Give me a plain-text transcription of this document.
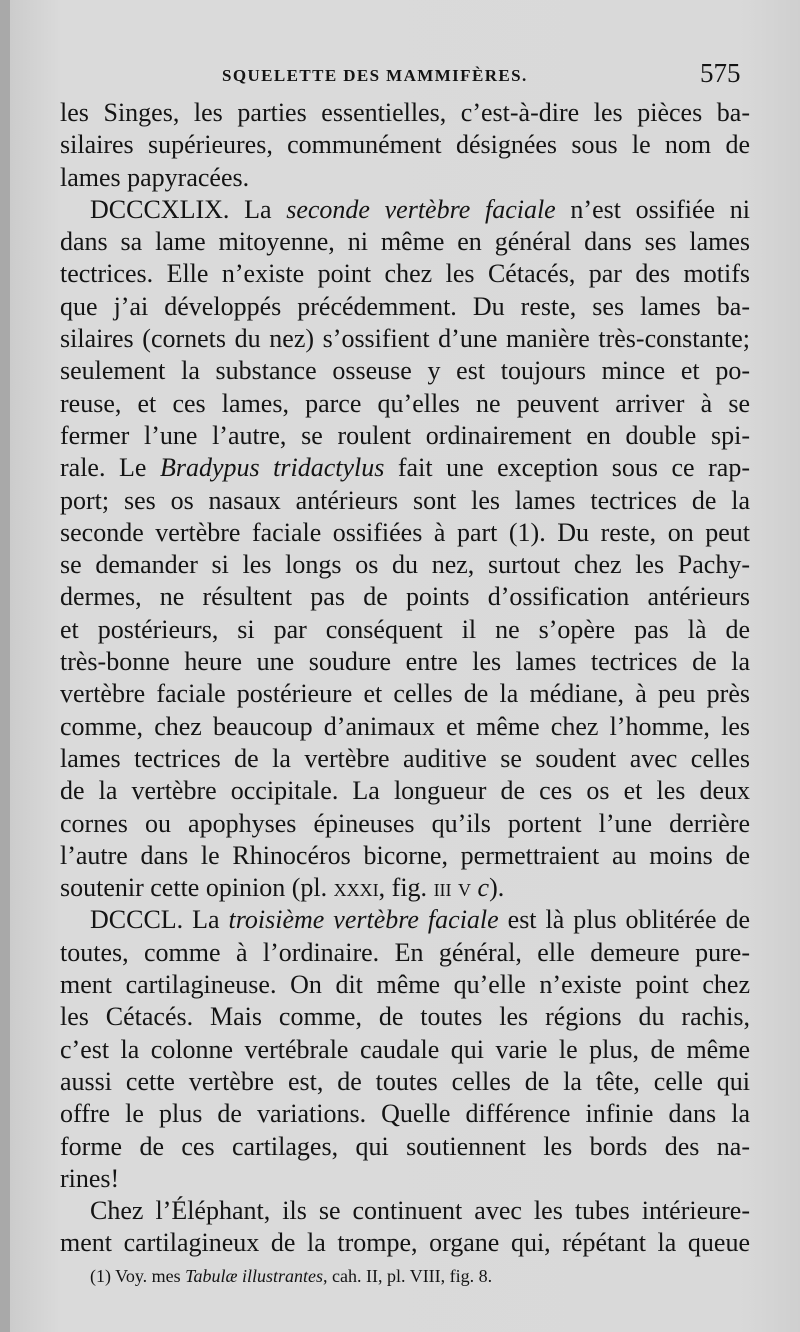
SQUELETTE DES MAMMIFÈRES.	575
les Singes, les parties essentielles, c’est-à-dire les pièces ba-
silaires supérieures, communément désignées sous le nom de
lames papyracées.
DCCCXLIX. La seconde vertèbre faciale n’est ossifiée ni
dans sa lame mitoyenne, ni même en général dans ses lames
tectrices. Elle n’existe point chez les Cétacés, par des motifs
que j’ai développés précédemment. Du reste, ses lames ba-
silaires (cornets du nez) s’ossifient d’une manière très-constante;
seulement la substance osseuse y est toujours mince et po-
reuse, et ces lames, parce qu’elles ne peuvent arriver à se
fermer l’une l’autre, se roulent ordinairement en double spi-
rale. Le Bradypus tridactylus fait une exception sous ce rap-
port; ses os nasaux antérieurs sont les lames tectrices de la
seconde vertèbre faciale ossifiées à part (1). Du reste, on peut
se demander si les longs os du nez, surtout chez les Pachy-
dermes, ne résultent pas de points d’ossification antérieurs
et postérieurs, si par conséquent il ne s’opère pas là de
très-bonne heure une soudure entre les lames tectrices de la
vertèbre faciale postérieure et celles de la médiane, à peu près
comme, chez beaucoup d’animaux et même chez l’homme, les
lames tectrices de la vertèbre auditive se soudent avec celles
de la vertèbre occipitale. La longueur de ces os et les deux
cornes ou apophyses épineuses qu’ils portent l’une derrière
l’autre dans le Rhinocéros bicorne, permettraient au moins de
soutenir cette opinion (pl. xxxi, fig. iii v c).
DCCCL. La troisième vertèbre faciale est là plus oblitérée de
toutes, comme à l’ordinaire. En général, elle demeure pure-
ment cartilagineuse. On dit même qu’elle n’existe point chez
les Cétacés. Mais comme, de toutes les régions du rachis,
c’est la colonne vertébrale caudale qui varie le plus, de même
aussi cette vertèbre est, de toutes celles de la tête, celle qui
offre le plus de variations. Quelle différence infinie dans la
forme de ces cartilages, qui soutiennent les bords des na-
rines!
Chez l’Éléphant, ils se continuent avec les tubes intérieure-
ment cartilagineux de la trompe, organe qui, répétant la queue
(1) Voy. mes Tabulæ illustrantes, cah. II, pl. VIII, fig. 8.
